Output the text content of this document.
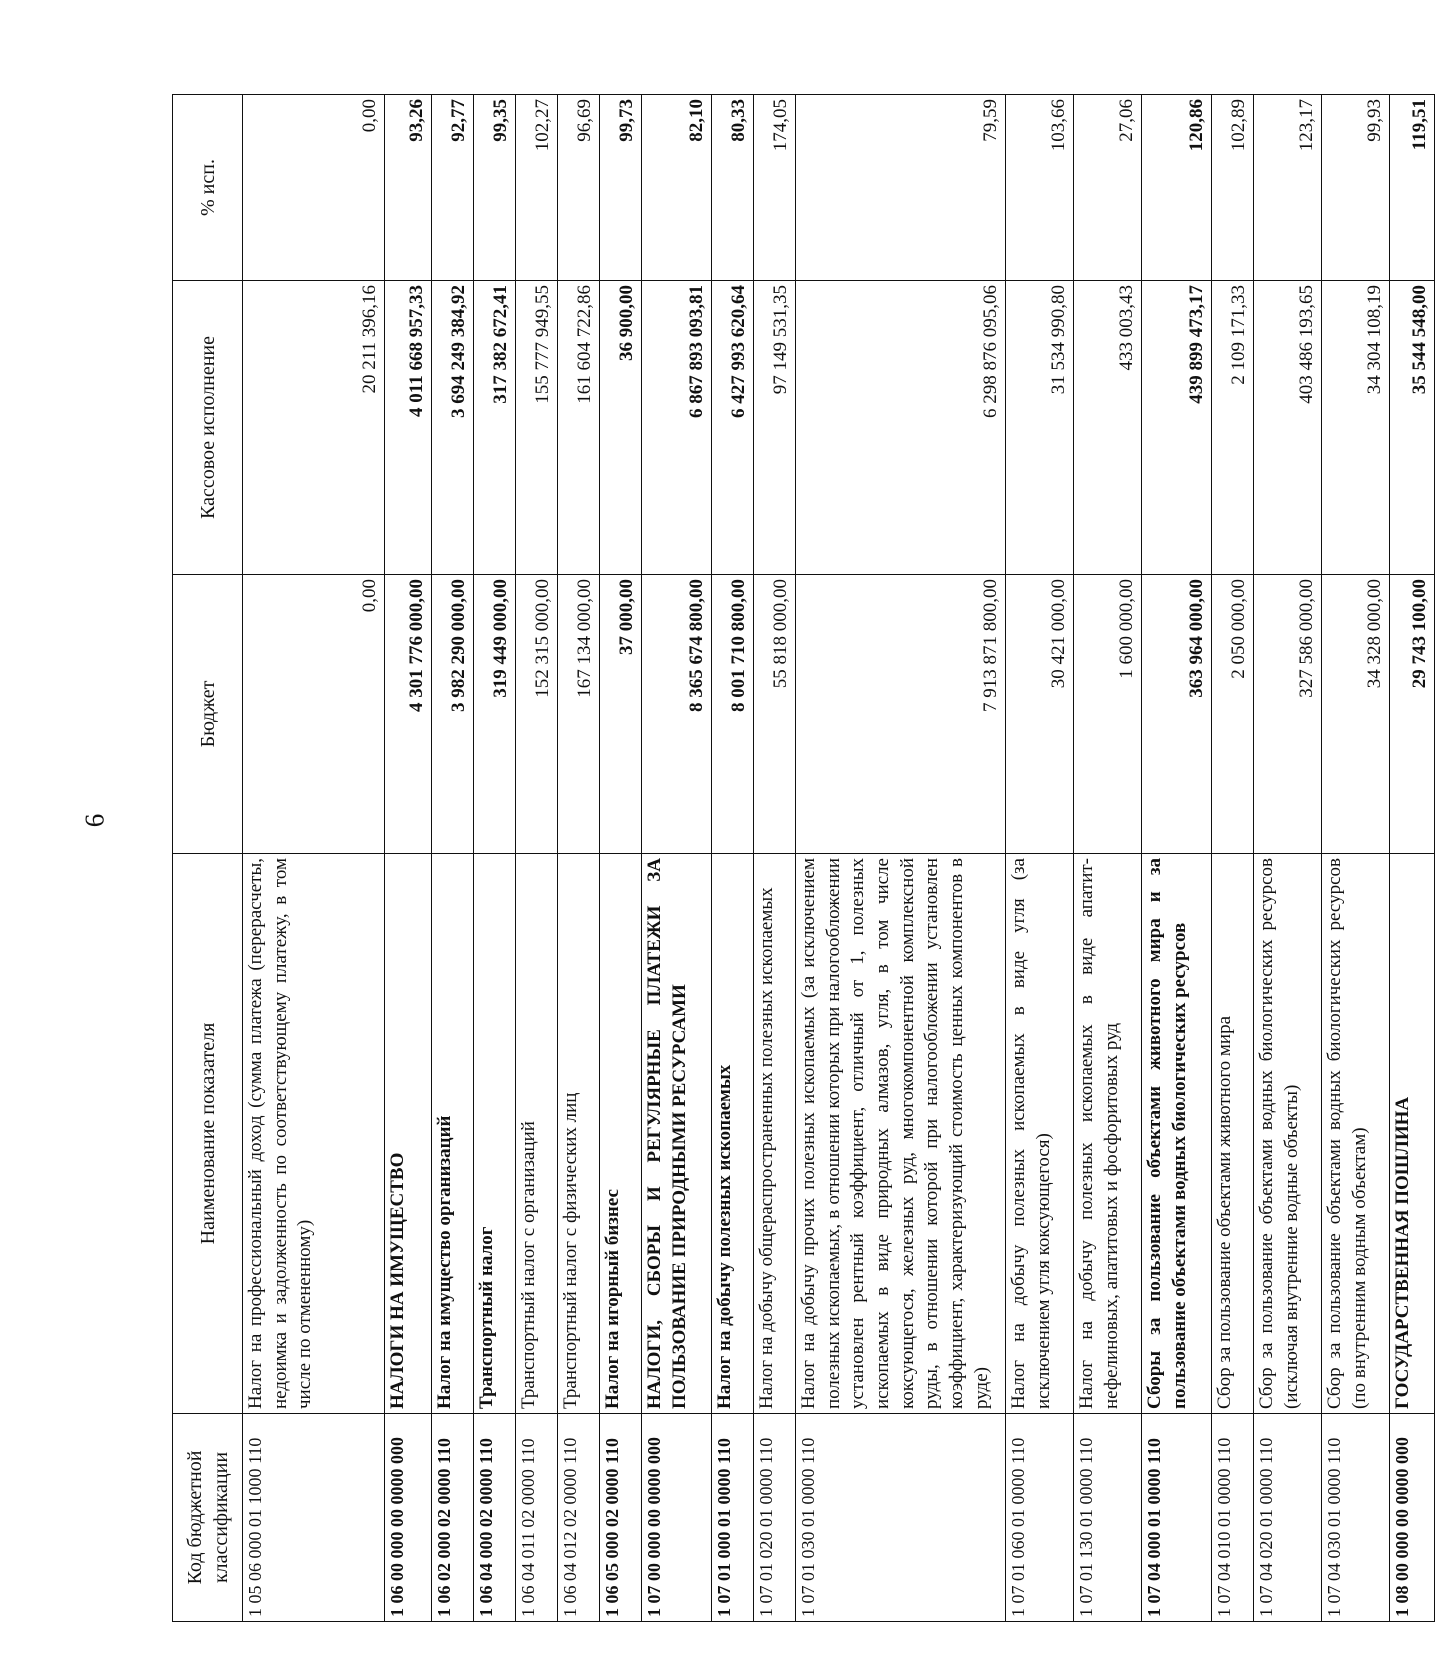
6
Код бюджетной классификации	Наименование показателя	Бюджет	Кассовое исполнение	% исп.
1 05 06 000 01 1000 110	Налог на профессиональный доход (сумма платежа (перерасчеты, недоимка и задолженность по соответствующему платежу, в том числе по отмененному)	0,00	20 211 396,16	0,00
1 06 00 000 00 0000 000	НАЛОГИ НА ИМУЩЕСТВО	4 301 776 000,00	4 011 668 957,33	93,26
1 06 02 000 02 0000 110	Налог на имущество организаций	3 982 290 000,00	3 694 249 384,92	92,77
1 06 04 000 02 0000 110	Транспортный налог	319 449 000,00	317 382 672,41	99,35
1 06 04 011 02 0000 110	Транспортный налог с организаций	152 315 000,00	155 777 949,55	102,27
1 06 04 012 02 0000 110	Транспортный налог с физических лиц	167 134 000,00	161 604 722,86	96,69
1 06 05 000 02 0000 110	Налог на игорный бизнес	37 000,00	36 900,00	99,73
1 07 00 000 00 0000 000	НАЛОГИ, СБОРЫ И РЕГУЛЯРНЫЕ ПЛАТЕЖИ ЗА ПОЛЬЗОВАНИЕ ПРИРОДНЫМИ РЕСУРСАМИ	8 365 674 800,00	6 867 893 093,81	82,10
1 07 01 000 01 0000 110	Налог на добычу полезных ископаемых	8 001 710 800,00	6 427 993 620,64	80,33
1 07 01 020 01 0000 110	Налог на добычу общераспространенных полезных ископаемых	55 818 000,00	97 149 531,35	174,05
1 07 01 030 01 0000 110	Налог на добычу прочих полезных ископаемых (за исключением полезных ископаемых, в отношении которых при налогообложении установлен рентный коэффициент, отличный от 1, полезных ископаемых в виде природных алмазов, угля, в том числе коксующегося, железных руд, многокомпонентной комплексной руды, в отношении которой при налогообложении установлен коэффициент, характеризующий стоимость ценных компонентов в руде)	7 913 871 800,00	6 298 876 095,06	79,59
1 07 01 060 01 0000 110	Налог на добычу полезных ископаемых в виде угля (за исключением угля коксующегося)	30 421 000,00	31 534 990,80	103,66
1 07 01 130 01 0000 110	Налог на добычу полезных ископаемых в виде апатит-нефелиновых, апатитовых и фосфоритовых руд	1 600 000,00	433 003,43	27,06
1 07 04 000 01 0000 110	Сборы за пользование объектами животного мира и за пользование объектами водных биологических ресурсов	363 964 000,00	439 899 473,17	120,86
1 07 04 010 01 0000 110	Сбор за пользование объектами животного мира	2 050 000,00	2 109 171,33	102,89
1 07 04 020 01 0000 110	Сбор за пользование объектами водных биологических ресурсов (исключая внутренние водные объекты)	327 586 000,00	403 486 193,65	123,17
1 07 04 030 01 0000 110	Сбор за пользование объектами водных биологических ресурсов (по внутренним водным объектам)	34 328 000,00	34 304 108,19	99,93
1 08 00 000 00 0000 000	ГОСУДАРСТВЕННАЯ ПОШЛИНА	29 743 100,00	35 544 548,00	119,51
